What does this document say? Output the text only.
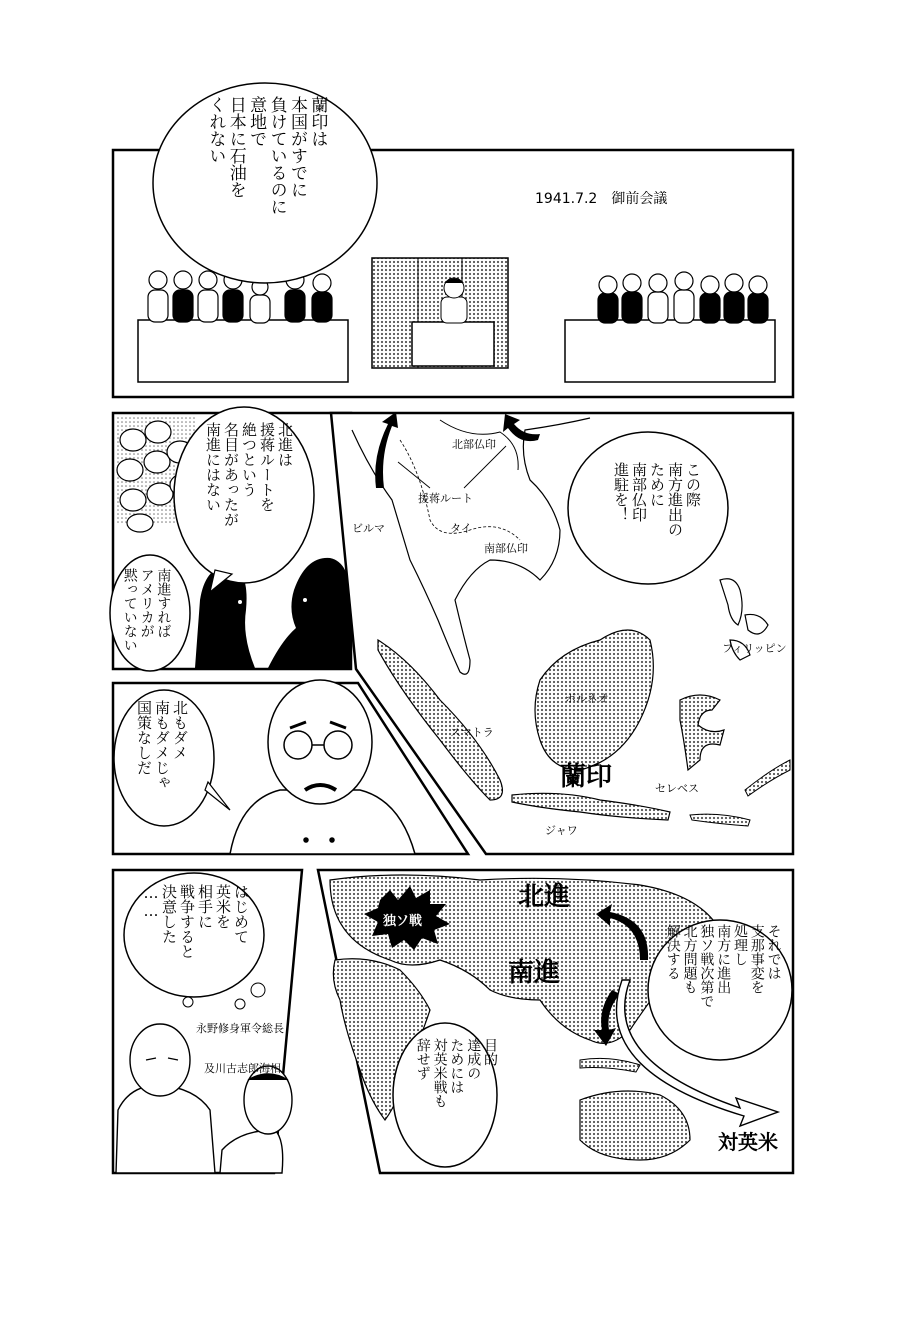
蘭印は
本国がすでに
負けているのに
意地で
日本に石油を
くれない
1941.7.2　御前会議
北進は
援蒋ルートを
絶つという
名目があったが
南進にはない
南進すれば
アメリカが
黙っていない
北部仏印
ビルマ
援蒋ルート
タイ
南部仏印
フィリッピン
ボルネオ
スマトラ
蘭印	セレベス
ジャワ
この際
南方進出の
ために
南部仏印
進駐を！
北もダメ
南もダメじゃ
国策なしだ
はじめて
英米を
相手に
戦争すると
決意した
……
永野修身軍令総長
及川古志郎海相
北進
南進
独ソ戦
対英米
それでは
支那事変を
処理し
南方に進出
独ソ戦次第で
北方問題も
解決する
目的
達成の
ためには
対英米戦も
辞せず
